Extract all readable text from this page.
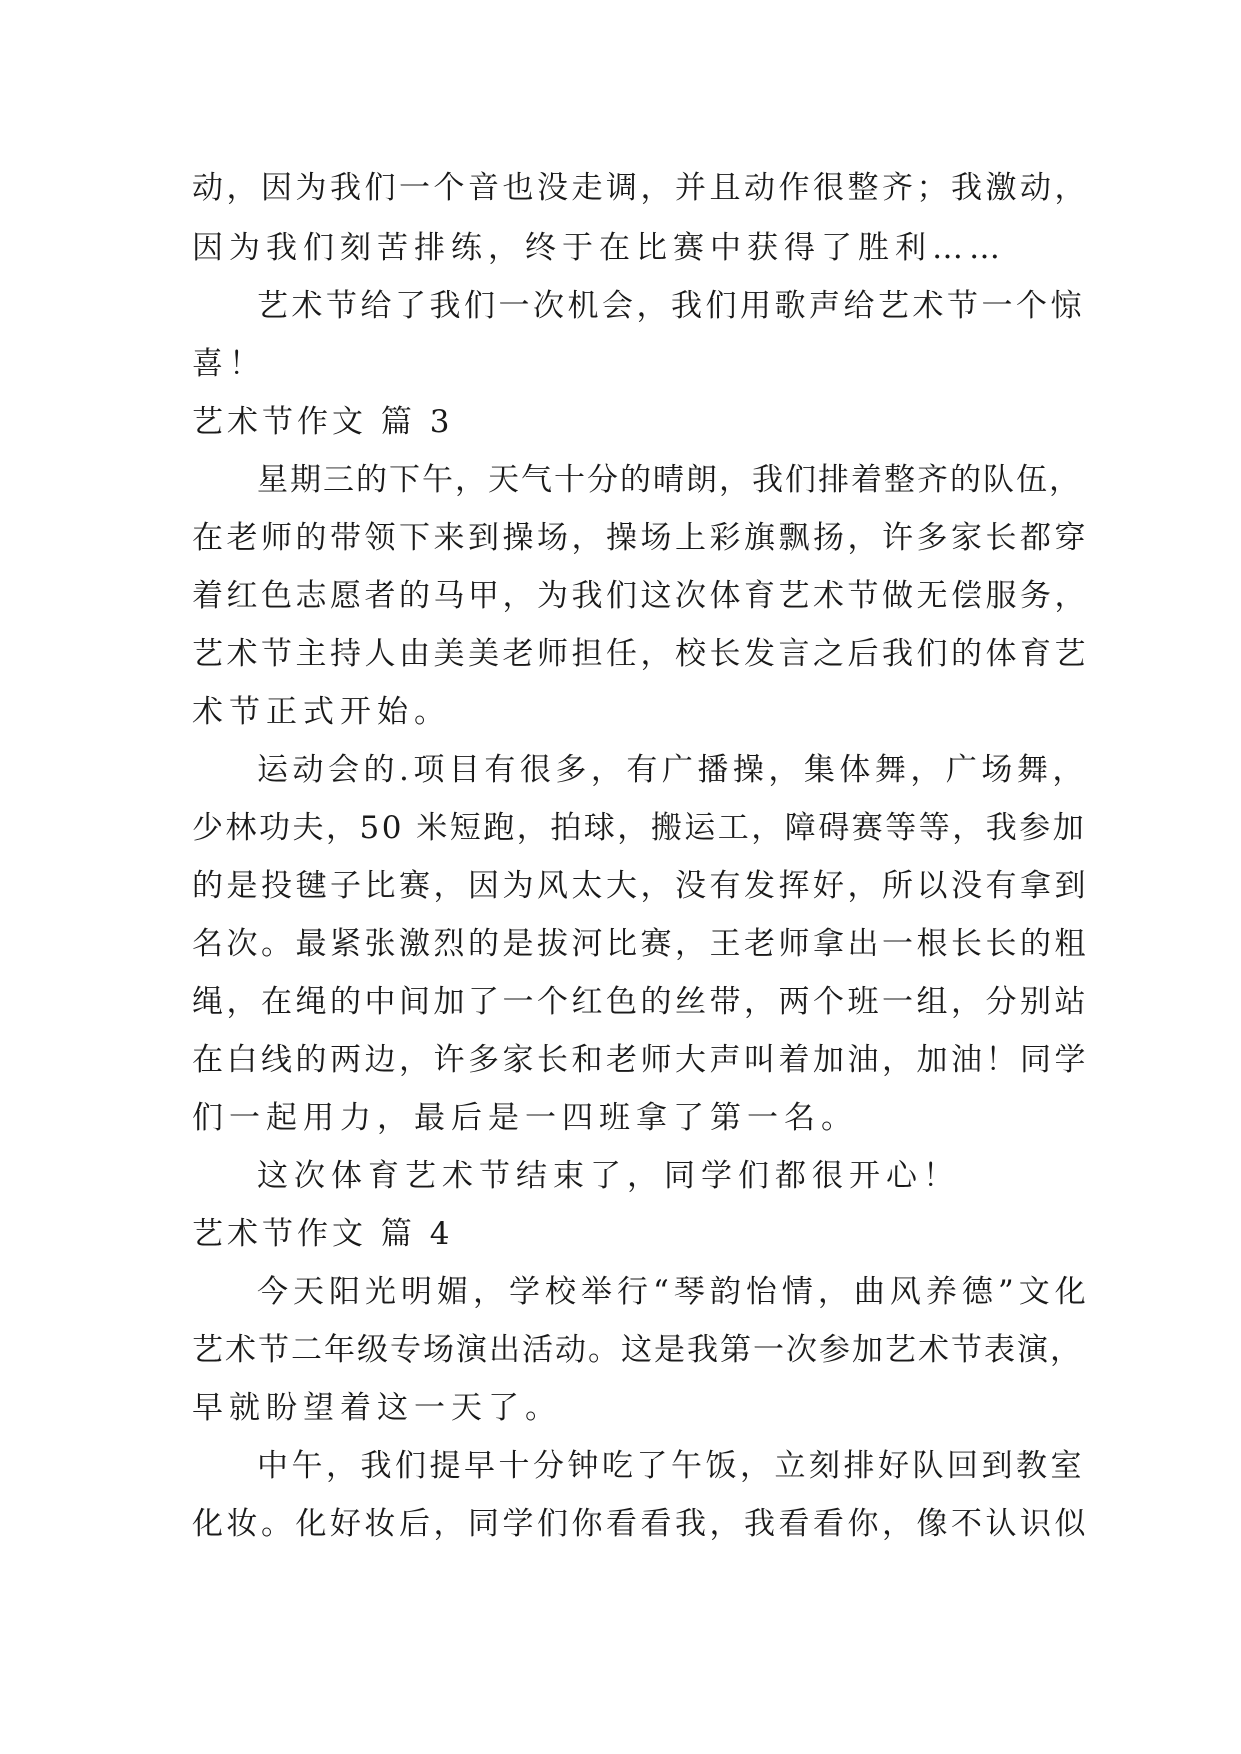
动，因为我们一个音也没走调，并且动作很整齐；我激动，
因为我们刻苦排练，终于在比赛中获得了胜利……
艺术节给了我们一次机会，我们用歌声给艺术节一个惊
喜！
艺术节作文 篇 3
星期三的下午，天气十分的晴朗，我们排着整齐的队伍，
在老师的带领下来到操场，操场上彩旗飘扬，许多家长都穿
着红色志愿者的马甲，为我们这次体育艺术节做无偿服务，
艺术节主持人由美美老师担任，校长发言之后我们的体育艺
术节正式开始。
运动会的.项目有很多，有广播操，集体舞，广场舞，
少林功夫，50 米短跑，拍球，搬运工，障碍赛等等，我参加
的是投毽子比赛，因为风太大，没有发挥好，所以没有拿到
名次。最紧张激烈的是拔河比赛，王老师拿出一根长长的粗
绳，在绳的中间加了一个红色的丝带，两个班一组，分别站
在白线的两边，许多家长和老师大声叫着加油，加油！同学
们一起用力，最后是一四班拿了第一名。
这次体育艺术节结束了，同学们都很开心！
艺术节作文 篇 4
今天阳光明媚，学校举行“琴韵怡情，曲风养德”文化
艺术节二年级专场演出活动。这是我第一次参加艺术节表演，
早就盼望着这一天了。
中午，我们提早十分钟吃了午饭，立刻排好队回到教室
化妆。化好妆后，同学们你看看我，我看看你，像不认识似
